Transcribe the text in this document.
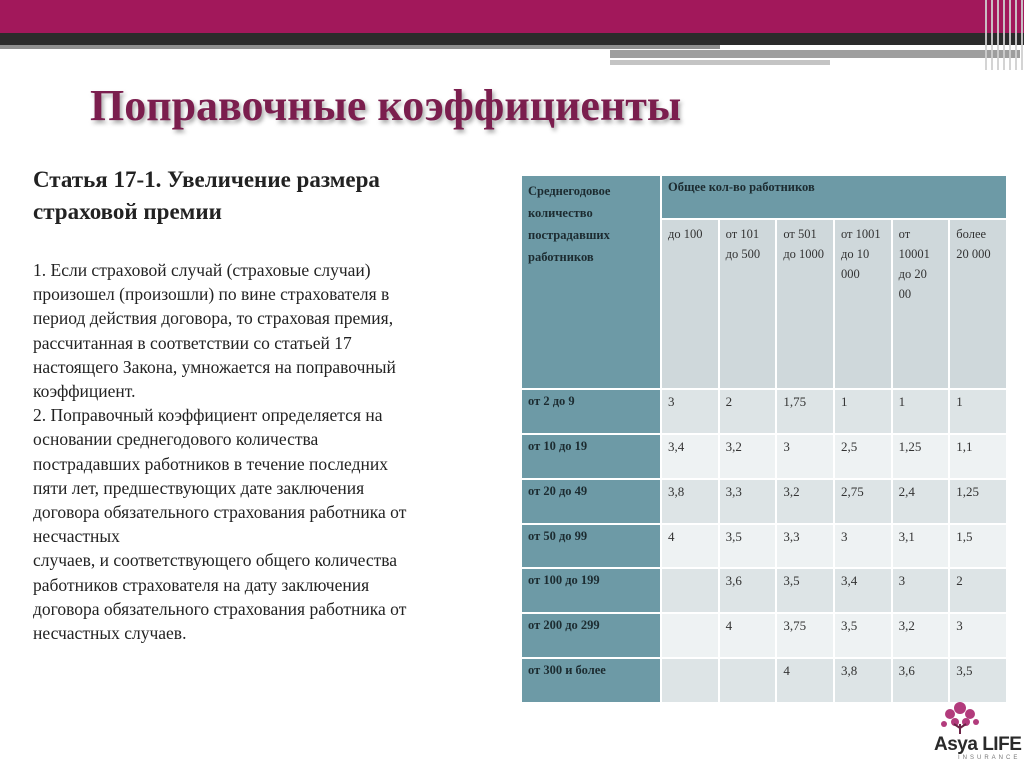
Поправочные коэффициенты
Статья 17-1. Увеличение размера
страховой премии

1. Если страховой случай (страховые случаи)

произошел (произошли) по вине страхователя в

период действия договора, то страховая премия,

рассчитанная в соответствии со статьей 17

настоящего Закона, умножается на поправочный

коэффициент.

2. Поправочный коэффициент определяется на

основании среднегодового количества

пострадавших работников в течение последних

пяти лет, предшествующих дате заключения

договора обязательного страхования работника от

несчастных

случаев, и соответствующего общего количества

работников страхователя на дату заключения

договора обязательного страхования работника от

несчастных случаев.

Среднегодовое количество пострадавших работников	Общее кол-во работников					
	до 100	от 101 до 500	от 501 до 1000	от 1001 до 10 000	от 10001 до 20 00	более 20 000
от 2 до 9	3	2	1,75	1	1	1
от 10 до 19	3,4	3,2	3	2,5	1,25	1,1
от 20 до 49	3,8	3,3	3,2	2,75	2,4	1,25
от 50 до 99	4	3,5	3,3	3	3,1	1,5
от 100 до 199		3,6	3,5	3,4	3	2
от 200 до 299		4	3,75	3,5	3,2	3
от 300 и более			4	3,8	3,6	3,5
Asya LIFE
INSURANCE
